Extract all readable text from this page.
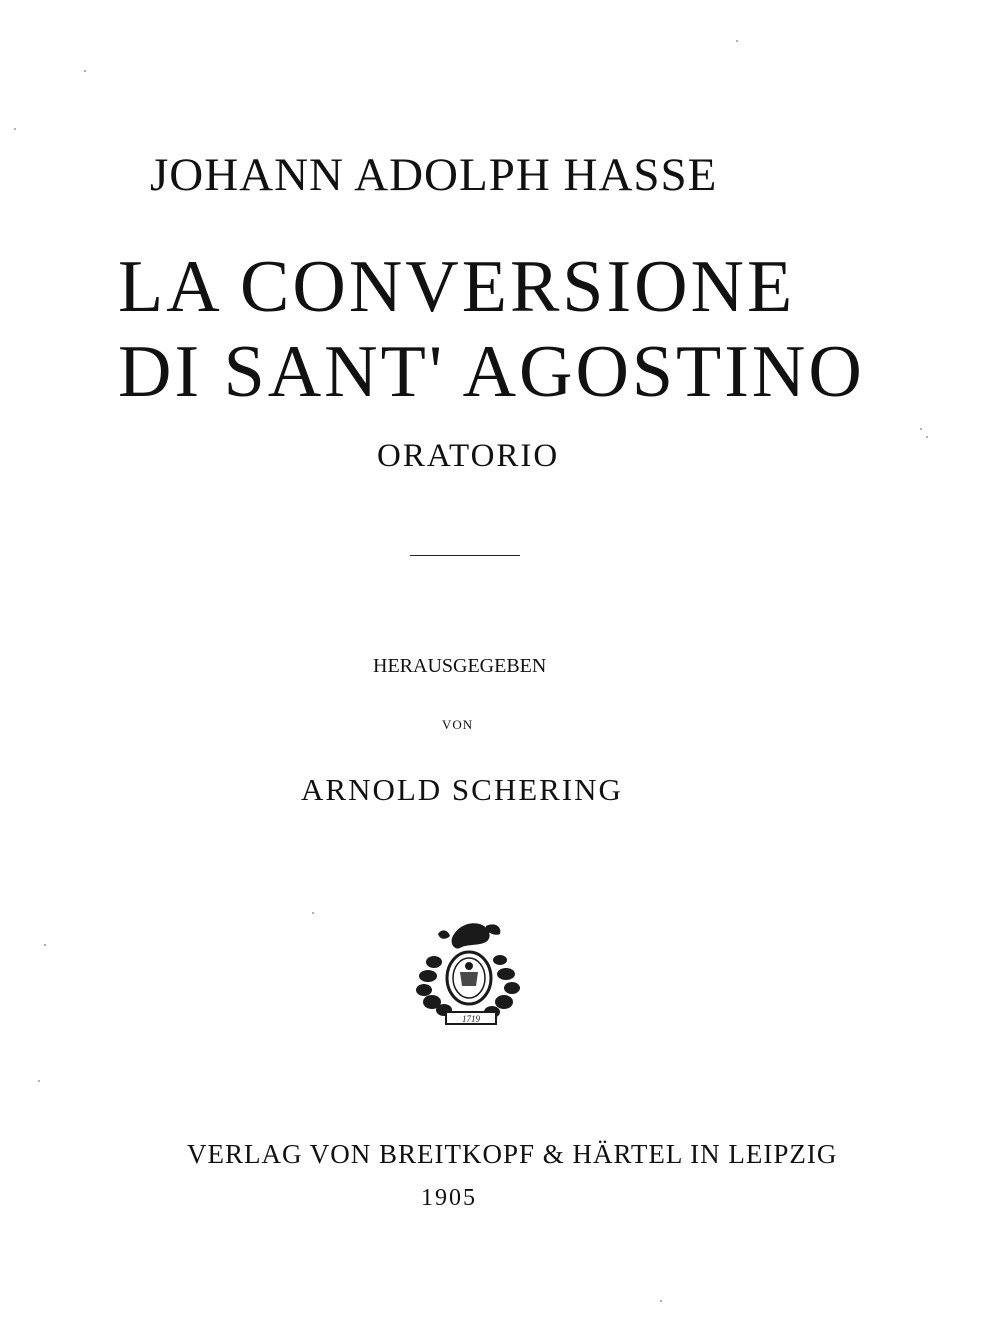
JOHANN ADOLPH HASSE
LA CONVERSIONE
DI SANT' AGOSTINO
ORATORIO
HERAUSGEGEBEN
VON
ARNOLD SCHERING
1719
VERLAG VON BREITKOPF & HÄRTEL IN LEIPZIG
1905
